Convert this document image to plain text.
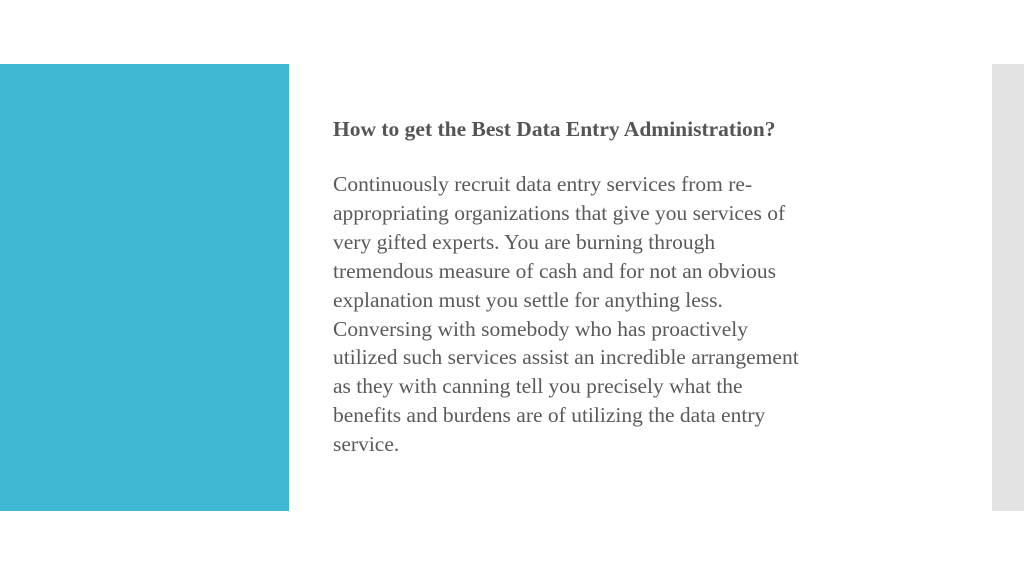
How to get the Best Data Entry Administration?

Continuously recruit data entry services from re-
appropriating organizations that give you services of
very gifted experts. You are burning through
tremendous measure of cash and for not an obvious
explanation must you settle for anything less.
Conversing with somebody who has proactively
utilized such services assist an incredible arrangement
as they with canning tell you precisely what the
benefits and burdens are of utilizing the data entry
service.
